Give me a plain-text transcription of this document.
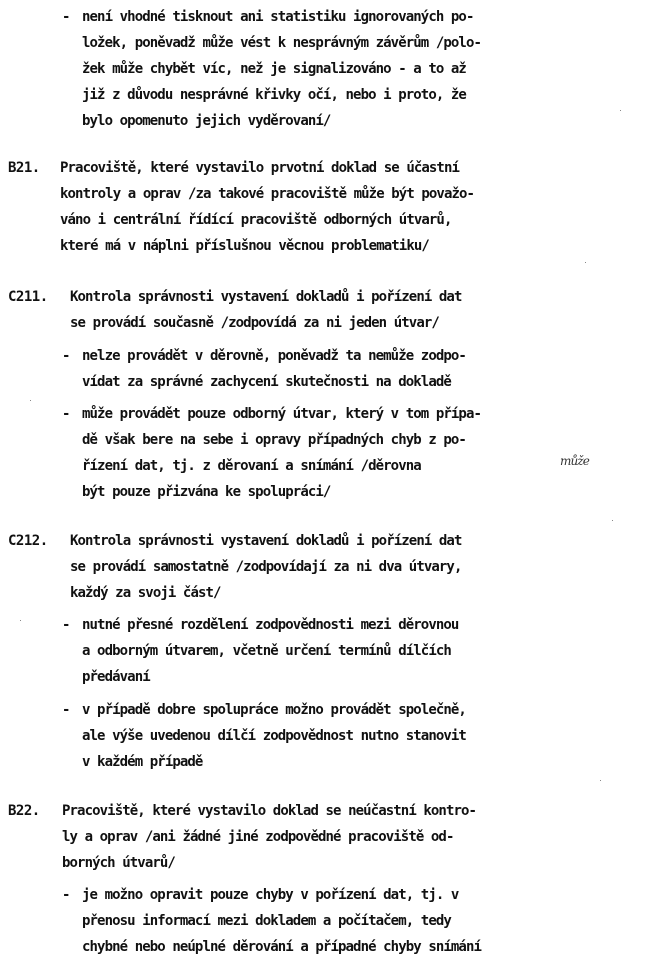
- není vhodné tisknout ani statistiku ignorovaných po-
ložek, poněvadž může vést k nesprávným závěrům /polo-
žek může chybět víc, než je signalizováno - a to až
již z důvodu nesprávné křivky očí, nebo i proto, že
bylo opomenuto jejich vyděrovaní/
B21. Pracoviště, které vystavilo prvotní doklad se účastní
kontroly a oprav /za takové pracoviště může být považo-
váno i centrální řídící pracoviště odborných útvarů,
které má v náplni příslušnou věcnou problematiku/
C211. Kontrola správnosti vystavení dokladů i pořízení dat
se provádí současně /zodpovídá za ni jeden útvar/
- nelze provádět v děrovně, poněvadž ta nemůže zodpo-
vídat za správné zachycení skutečnosti na dokladě
- může provádět pouze odborný útvar, který v tom přípa-
dě však bere na sebe i opravy případných chyb z po-
řízení dat, tj. z děrovaní a snímání /děrovna	může
být pouze přizvána ke spolupráci/
C212. Kontrola správnosti vystavení dokladů i pořízení dat
se provádí samostatně /zodpovídají za ni dva útvary,
každý za svoji část/
- nutné přesné rozdělení zodpovědnosti mezi děrovnou
a odborným útvarem, včetně určení termínů dílčích
předávaní
- v případě dobre spolupráce možno provádět společně,
ale výše uvedenou dílčí zodpovědnost nutno stanovit
v každém případě
B22. Pracoviště, které vystavilo doklad se neúčastní kontro-
ly a oprav /ani žádné jiné zodpovědné pracoviště od-
borných útvarů/
- je možno opravit pouze chyby v pořízení dat, tj. v
přenosu informací mezi dokladem a počítačem, tedy
chybné nebo neúplné děrování a případné chyby snímání
